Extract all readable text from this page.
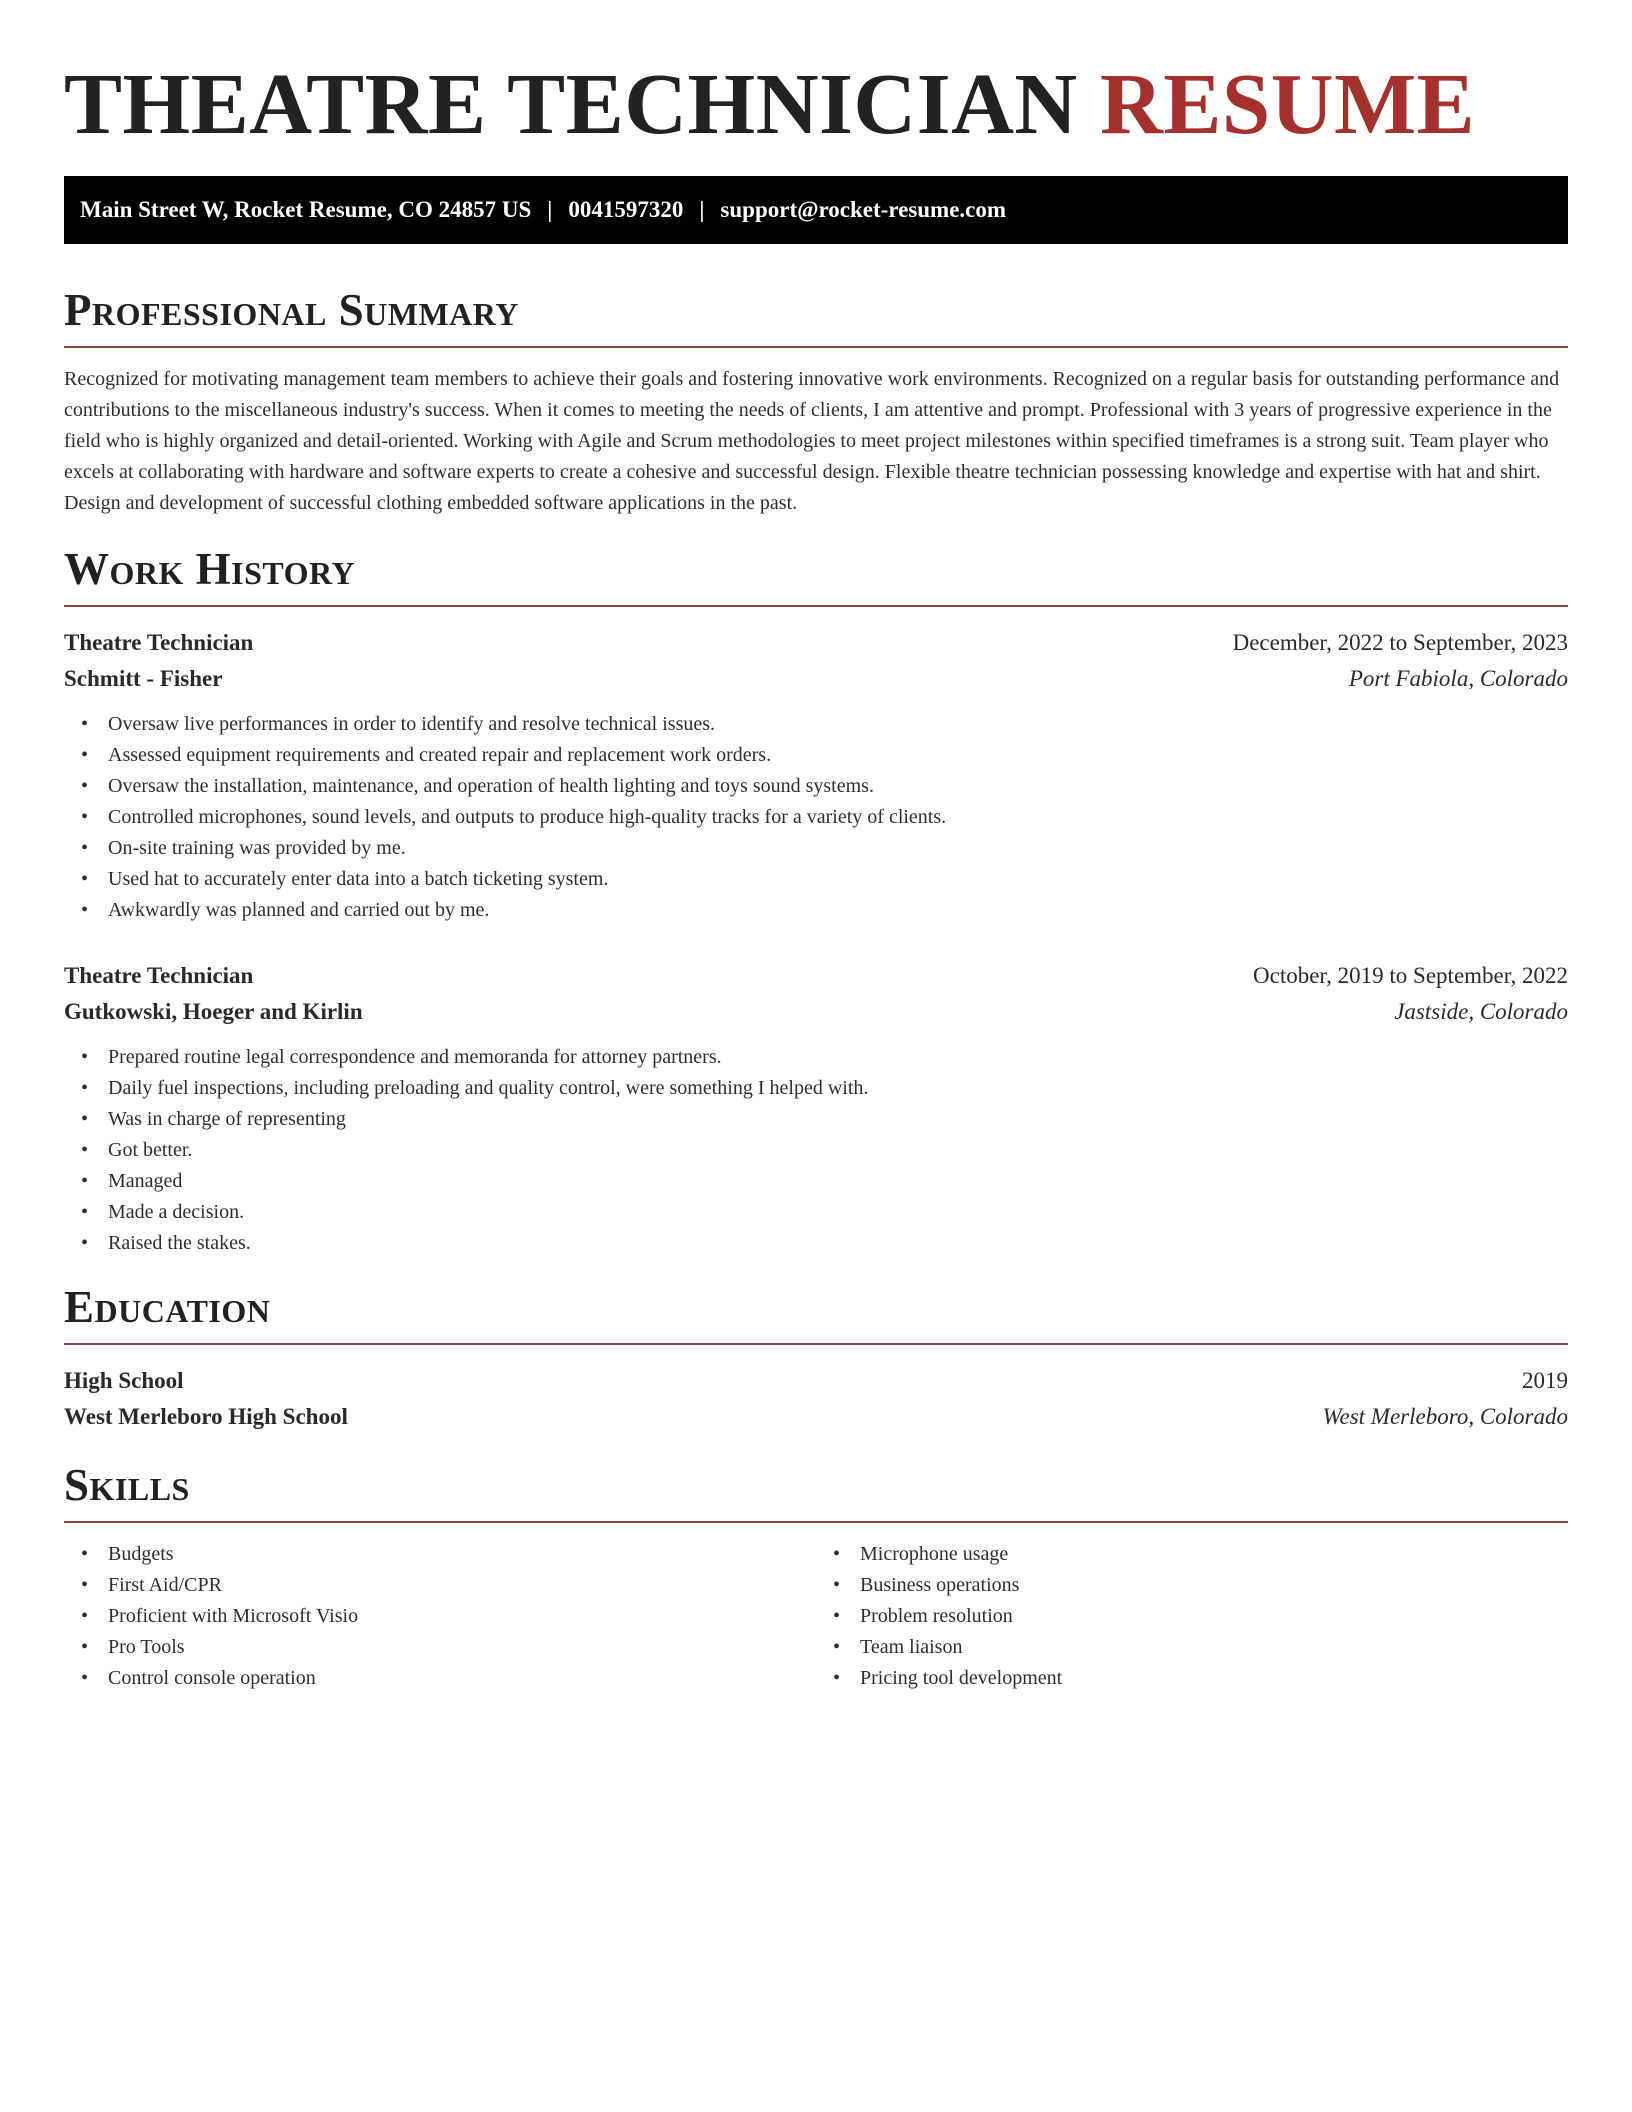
THEATRE TECHNICIAN RESUME
Main Street W, Rocket Resume, CO 24857 US | 0041597320 | support@rocket-resume.com
Professional Summary

Recognized for motivating management team members to achieve their goals and fostering innovative work environments. Recognized on a regular basis for outstanding performance and contributions to the miscellaneous industry's success. When it comes to meeting the needs of clients, I am attentive and prompt. Professional with 3 years of progressive experience in the field who is highly organized and detail-oriented. Working with Agile and Scrum methodologies to meet project milestones within specified timeframes is a strong suit. Team player who excels at collaborating with hardware and software experts to create a cohesive and successful design. Flexible theatre technician possessing knowledge and expertise with hat and shirt. Design and development of successful clothing embedded software applications in the past.

Work History
Theatre Technician	December, 2022 to September, 2023
Schmitt - Fisher	Port Fabiola, Colorado
• Oversaw live performances in order to identify and resolve technical issues.
• Assessed equipment requirements and created repair and replacement work orders.
• Oversaw the installation, maintenance, and operation of health lighting and toys sound systems.
• Controlled microphones, sound levels, and outputs to produce high-quality tracks for a variety of clients.
• On-site training was provided by me.
• Used hat to accurately enter data into a batch ticketing system.
• Awkwardly was planned and carried out by me.
Theatre Technician	October, 2019 to September, 2022
Gutkowski, Hoeger and Kirlin	Jastside, Colorado
• Prepared routine legal correspondence and memoranda for attorney partners.
• Daily fuel inspections, including preloading and quality control, were something I helped with.
• Was in charge of representing
• Got better.
• Managed
• Made a decision.
• Raised the stakes.
Education
High School	2019
West Merleboro High School	West Merleboro, Colorado
Skills
• Budgets
• First Aid/CPR
• Proficient with Microsoft Visio
• Pro Tools
• Control console operation
• Microphone usage
• Business operations
• Problem resolution
• Team liaison
• Pricing tool development
